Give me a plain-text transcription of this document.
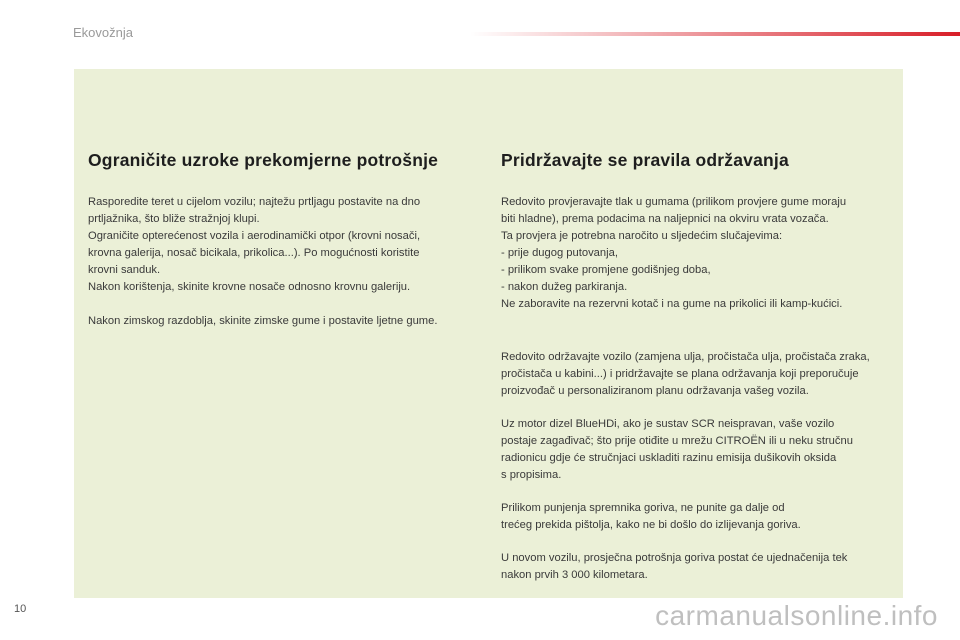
Ekovožnja
Ograničite uzroke prekomjerne potrošnje

Rasporedite teret u cijelom vozilu; najtežu prtljagu postavite na dno
prtljažnika, što bliže stražnjoj klupi.
Ograničite opterećenost vozila i aerodinamički otpor (krovni nosači,
krovna galerija, nosač bicikala, prikolica...). Po mogućnosti koristite
krovni sanduk.
Nakon korištenja, skinite krovne nosače odnosno krovnu galeriju.

Nakon zimskog razdoblja, skinite zimske gume i postavite ljetne gume.

Pridržavajte se pravila održavanja

Redovito provjeravajte tlak u gumama (prilikom provjere gume moraju
biti hladne), prema podacima na naljepnici na okviru vrata vozača.
Ta provjera je potrebna naročito u sljedećim slučajevima:
- prije dugog putovanja,
- prilikom svake promjene godišnjeg doba,
- nakon dužeg parkiranja.
Ne zaboravite na rezervni kotač i na gume na prikolici ili kamp-kućici.

Redovito održavajte vozilo (zamjena ulja, pročistača ulja, pročistača zraka,
pročistača u kabini...) i pridržavajte se plana održavanja koji preporučuje
proizvođač u personaliziranom planu održavanja vašeg vozila.

Uz motor dizel BlueHDi, ako je sustav SCR neispravan, vaše vozilo
postaje zagađivač; što prije otiđite u mrežu CITROËN ili u neku stručnu
radionicu gdje će stručnjaci uskladiti razinu emisija dušikovih oksida
s propisima.

Prilikom punjenja spremnika goriva, ne punite ga dalje od
trećeg prekida pištolja, kako ne bi došlo do izlijevanja goriva.

U novom vozilu, prosječna potrošnja goriva postat će ujednačenija tek
nakon prvih 3 000 kilometara.

10	carmanualsonline.info
